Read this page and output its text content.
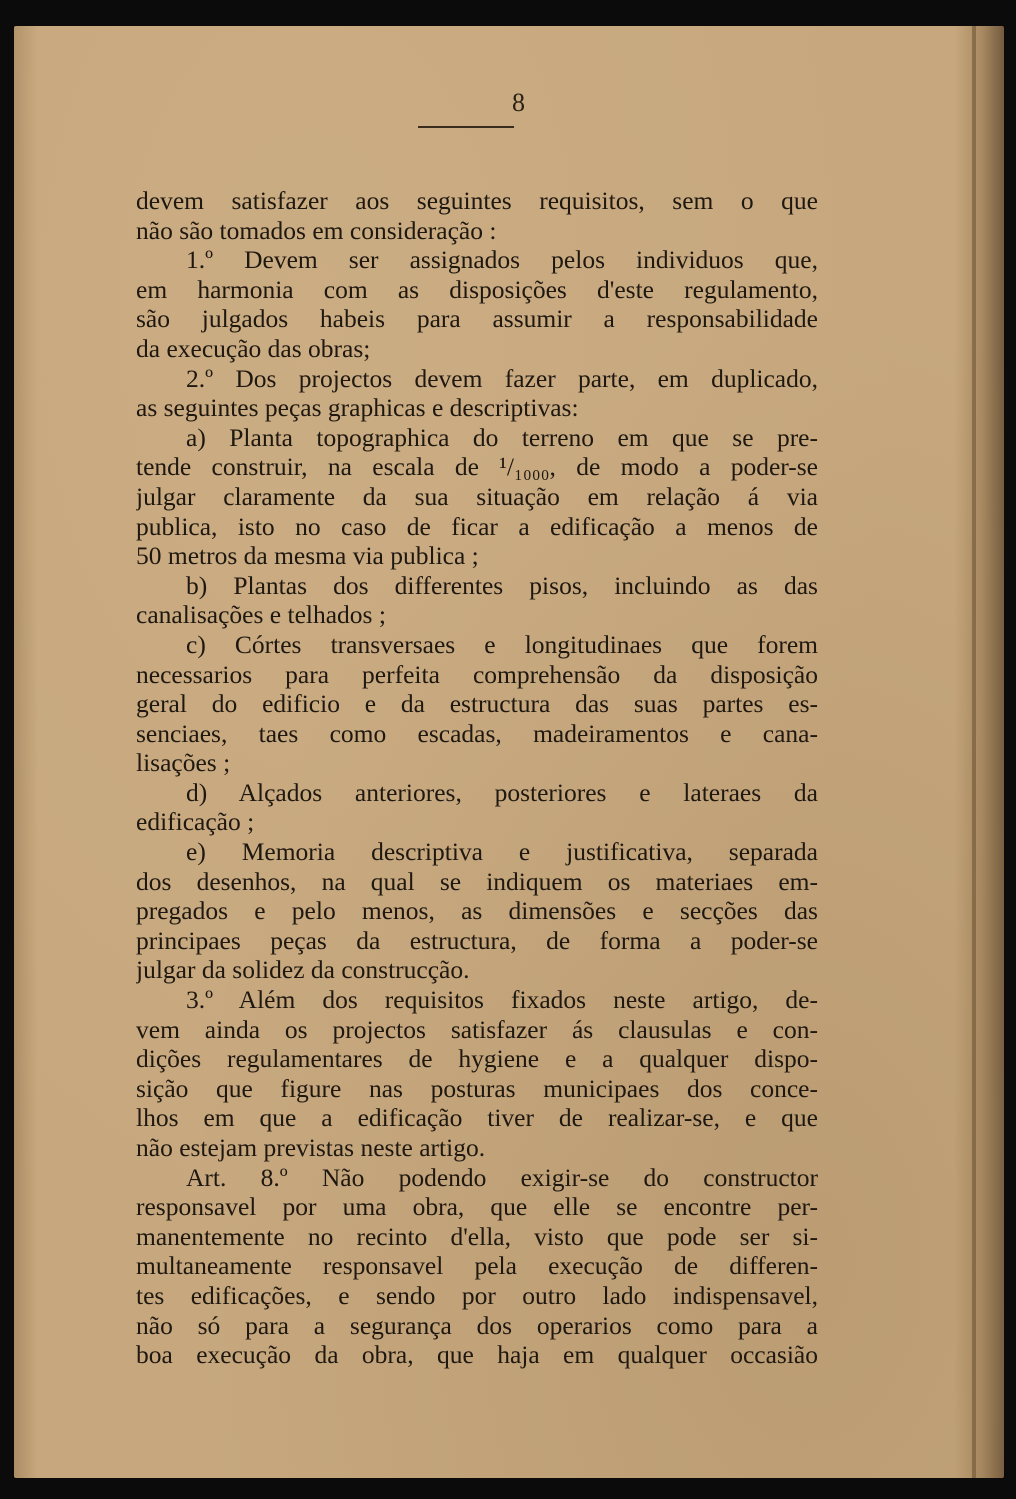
8
devem satisfazer aos seguintes requisitos, sem o que
não são tomados em consideração :
1.º Devem ser assignados pelos individuos que,
em harmonia com as disposições d'este regulamento,
são julgados habeis para assumir a responsabilidade
da execução das obras;
2.º Dos projectos devem fazer parte, em duplicado,
as seguintes peças graphicas e descriptivas:
a) Planta topographica do terreno em que se pre-
tende construir, na escala de ¹/₁₀₀₀, de modo a poder-se
julgar claramente da sua situação em relação á via
publica, isto no caso de ficar a edificação a menos de
50 metros da mesma via publica ;
b) Plantas dos differentes pisos, incluindo as das
canalisações e telhados ;
c) Córtes transversaes e longitudinaes que forem
necessarios para perfeita comprehensão da disposição
geral do edificio e da estructura das suas partes es-
senciaes, taes como escadas, madeiramentos e cana-
lisações ;
d) Alçados anteriores, posteriores e lateraes da
edificação ;
e) Memoria descriptiva e justificativa, separada
dos desenhos, na qual se indiquem os materiaes em-
pregados e pelo menos, as dimensões e secções das
principaes peças da estructura, de forma a poder-se
julgar da solidez da construcção.
3.º Além dos requisitos fixados neste artigo, de-
vem ainda os projectos satisfazer ás clausulas e con-
dições regulamentares de hygiene e a qualquer dispo-
sição que figure nas posturas municipaes dos conce-
lhos em que a edificação tiver de realizar-se, e que
não estejam previstas neste artigo.
Art. 8.º Não podendo exigir-se do constructor
responsavel por uma obra, que elle se encontre per-
manentemente no recinto d'ella, visto que pode ser si-
multaneamente responsavel pela execução de differen-
tes edificações, e sendo por outro lado indispensavel,
não só para a segurança dos operarios como para a
boa execução da obra, que haja em qualquer occasião
